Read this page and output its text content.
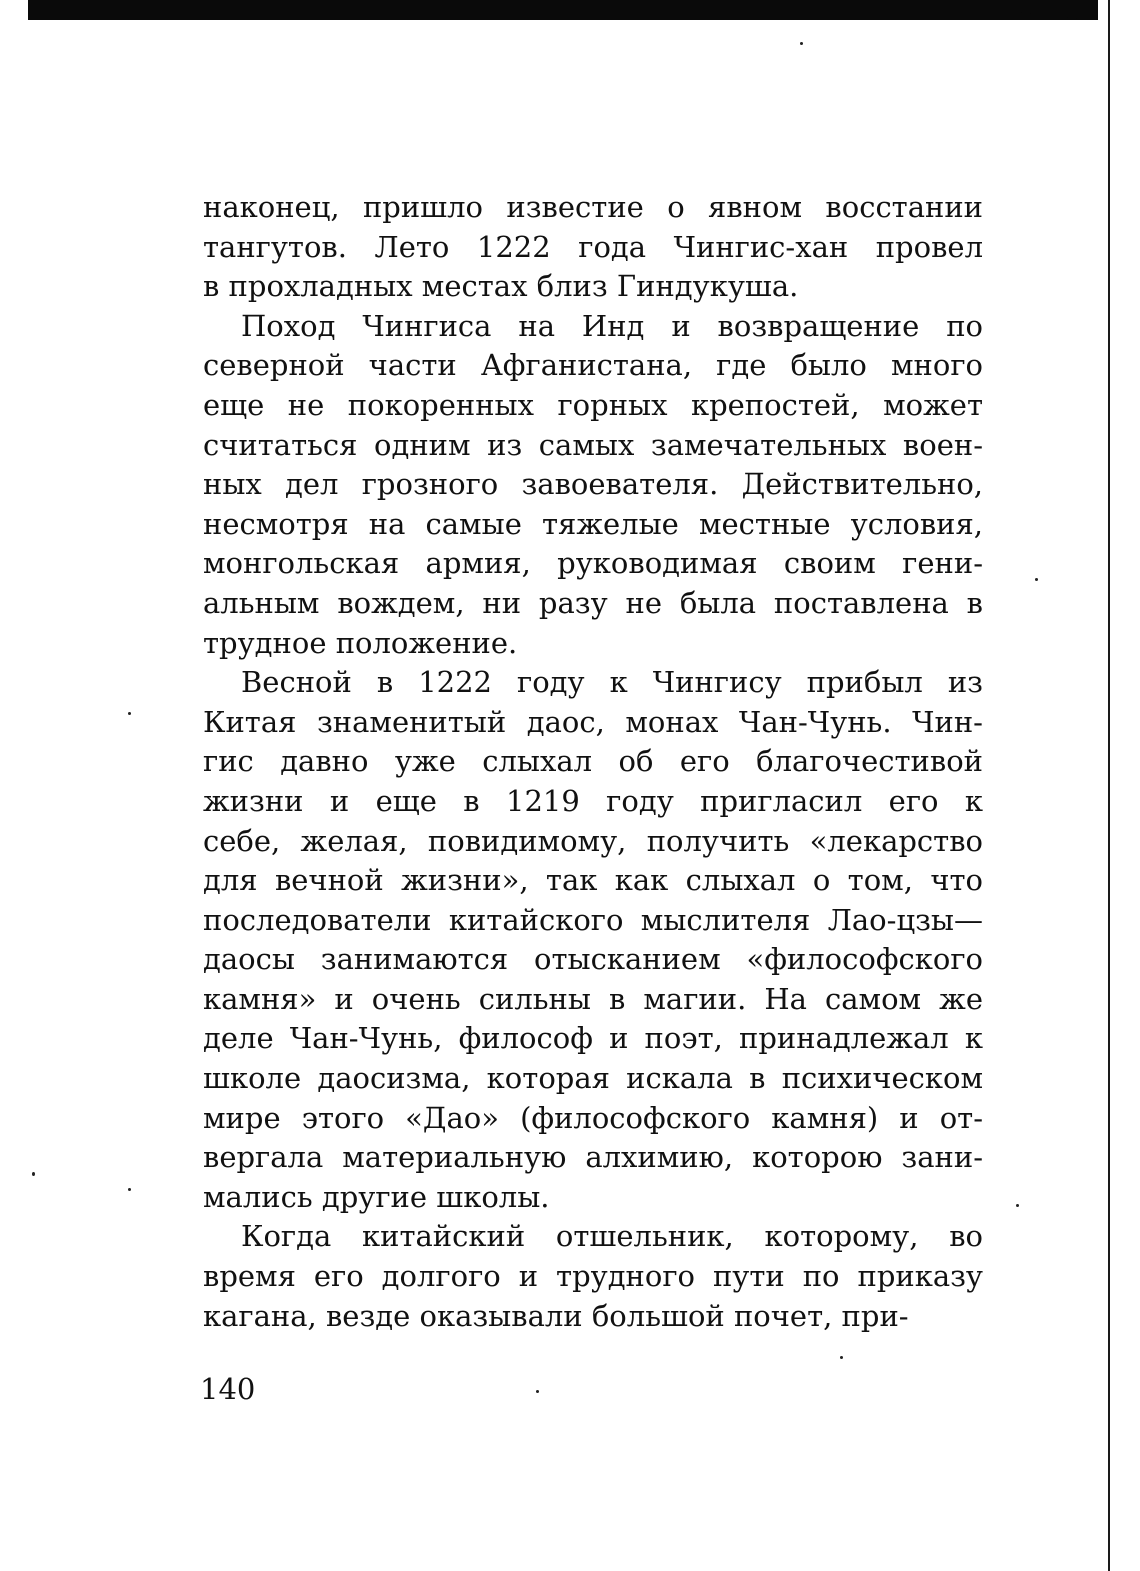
наконец, пришло известие о явном восстании
тангутов. Лето 1222 года Чингис-хан провел
в прохладных местах близ Гиндукуша.
Поход Чингиса на Инд и возвращение по
северной части Афганистана, где было много
еще не покоренных горных крепостей, может
считаться одним из самых замечательных воен-
ных дел грозного завоевателя. Действительно,
несмотря на самые тяжелые местные условия,
монгольская армия, руководимая своим гени-
альным вождем, ни разу не была поставлена в
трудное положение.
Весной в 1222 году к Чингису прибыл из
Китая знаменитый даос, монах Чан-Чунь. Чин-
гис давно уже слыхал об его благочестивой
жизни и еще в 1219 году пригласил его к
себе, желая, повидимому, получить «лекарство
для вечной жизни», так как слыхал о том, что
последователи китайского мыслителя Лао-цзы—
даосы занимаются отысканием «философского
камня» и очень сильны в магии. На самом же
деле Чан-Чунь, философ и поэт, принадлежал к
школе даосизма, которая искала в психическом
мире этого «Дао» (философского камня) и от-
вергала материальную алхимию, которою зани-
мались другие школы.
Когда китайский отшельник, которому, во
время его долгого и трудного пути по приказу
кагана, везде оказывали большой почет, при-
140
